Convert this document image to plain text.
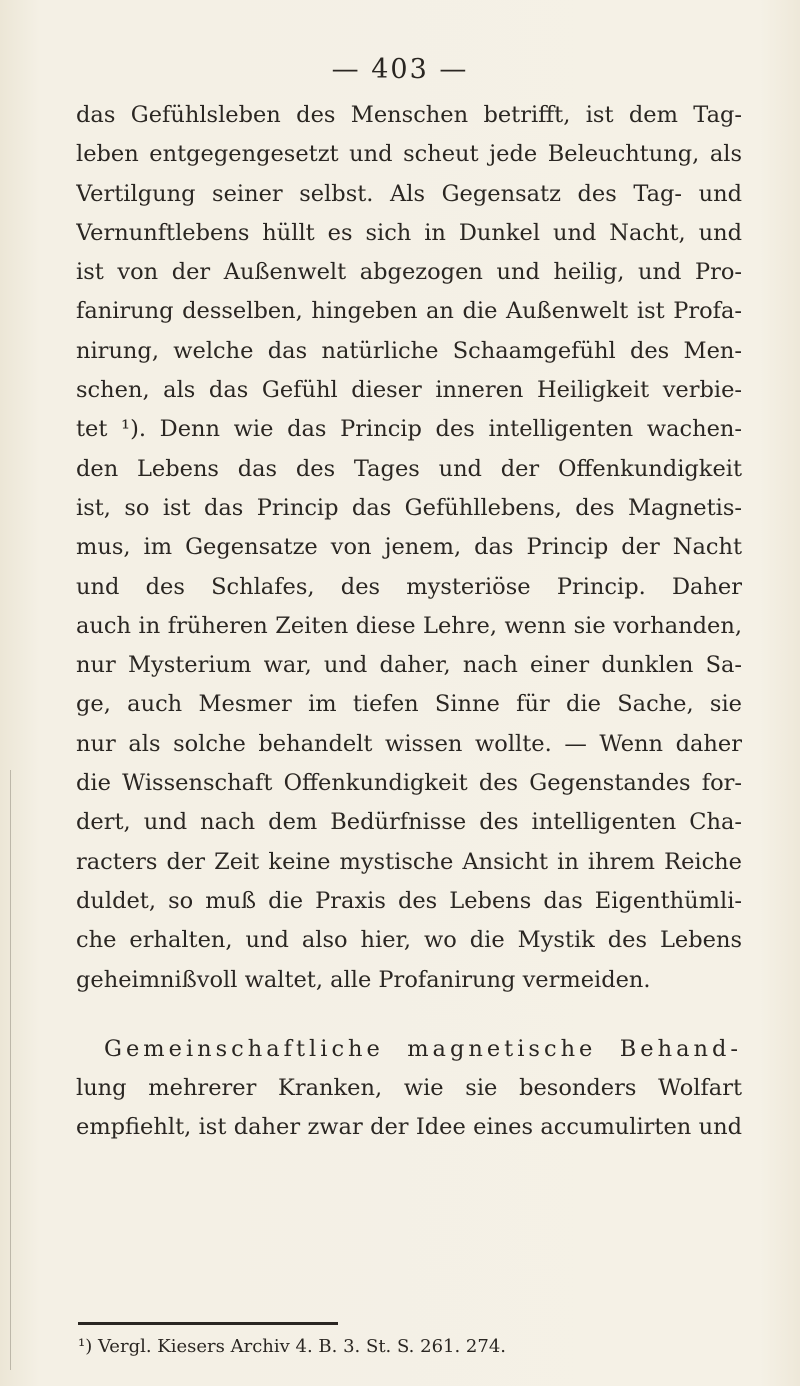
— 403 —
das Gefühlsleben des Menschen betrifft, ist dem Tag-
leben entgegengesetzt und scheut jede Beleuchtung, als
Vertilgung seiner selbst. Als Gegensatz des Tag- und
Vernunftlebens hüllt es sich in Dunkel und Nacht, und
ist von der Außenwelt abgezogen und heilig, und Pro-
fanirung desselben, hingeben an die Außenwelt ist Profa-
nirung, welche das natürliche Schaamgefühl des Men-
schen, als das Gefühl dieser inneren Heiligkeit verbie-
tet ¹). Denn wie das Princip des intelligenten wachen-
den Lebens das des Tages und der Offenkundigkeit
ist, so ist das Princip das Gefühllebens, des Magnetis-
mus, im Gegensatze von jenem, das Princip der Nacht
und des Schlafes, des mysteriöse Princip. Daher
auch in früheren Zeiten diese Lehre, wenn sie vorhanden,
nur Mysterium war, und daher, nach einer dunklen Sa-
ge, auch Mesmer im tiefen Sinne für die Sache, sie
nur als solche behandelt wissen wollte. — Wenn daher
die Wissenschaft Offenkundigkeit des Gegenstandes for-
dert, und nach dem Bedürfnisse des intelligenten Cha-
racters der Zeit keine mystische Ansicht in ihrem Reiche
duldet, so muß die Praxis des Lebens das Eigenthümli-
che erhalten, und also hier, wo die Mystik des Lebens
geheimnißvoll waltet, alle Profanirung vermeiden.
Gemeinschaftliche magnetische Behand-
lung mehrerer Kranken, wie sie besonders Wolfart
empfiehlt, ist daher zwar der Idee eines accumulirten und
¹) Vergl. Kiesers Archiv 4. B. 3. St. S. 261. 274.
